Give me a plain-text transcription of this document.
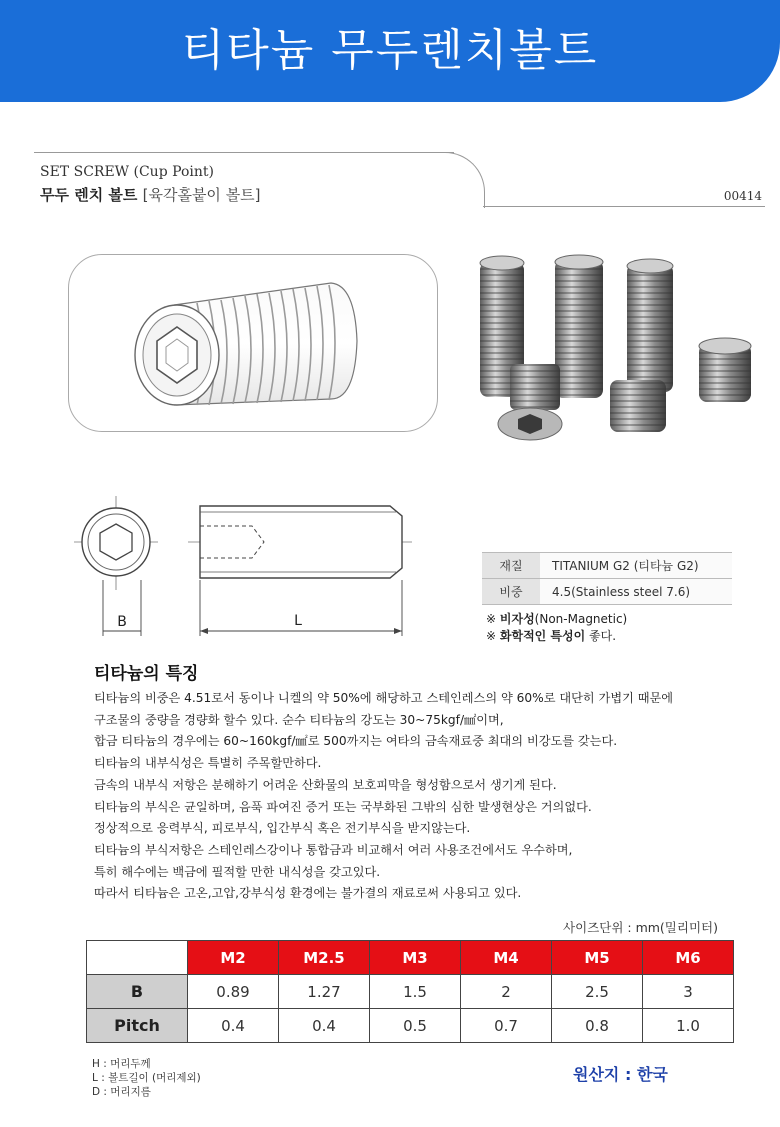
티타늄 무두렌치볼트
SET SCREW (Cup Point)
무두 렌치 볼트 [육각홀붙이 볼트]	00414
B	L
재질	TITANIUM G2 (티타늄 G2)
비중	4.5(Stainless steel 7.6)
※ 비자성(Non-Magnetic)
※ 화학적인 특성이 좋다.
티타늄의 특징
티타늄의 비중은 4.51로서 동이나 니켈의 약 50%에 해당하고 스테인레스의 약 60%로 대단히 가볍기 때문에
구조물의 중량을 경량화 할수 있다. 순수 티타늄의 강도는 30~75kgf/㎟이며,
합금 티타늄의 경우에는 60~160kgf/㎟로 500까지는 여타의 금속재료중 최대의 비강도를 갖는다.
티타늄의 내부식성은 특별히 주목할만하다.
금속의 내부식 저항은 분해하기 어려운 산화물의 보호피막을 형성함으로서 생기게 된다.
티타늄의 부식은 균일하며, 음푹 파여진 증거 또는 국부화된 그밖의 심한 발생현상은 거의없다.
정상적으로 응력부식, 피로부식, 입간부식 혹은 전기부식을 받지않는다.
티타늄의 부식저항은 스테인레스강이나 통합금과 비교해서 여러 사용조건에서도 우수하며,
특히 해수에는 백금에 필적할 만한 내식성을 갖고있다.
따라서 티타늄은 고온,고압,강부식성 환경에는 불가결의 재료로써 사용되고 있다.
사이즈단위 : mm(밀리미터)
	M2	M2.5	M3	M4	M5	M6
B	0.89	1.27	1.5	2	2.5	3
Pitch	0.4	0.4	0.5	0.7	0.8	1.0
H : 머리두께
L : 볼트길이 (머리제외)
D : 머리지름
원산지 : 한국
